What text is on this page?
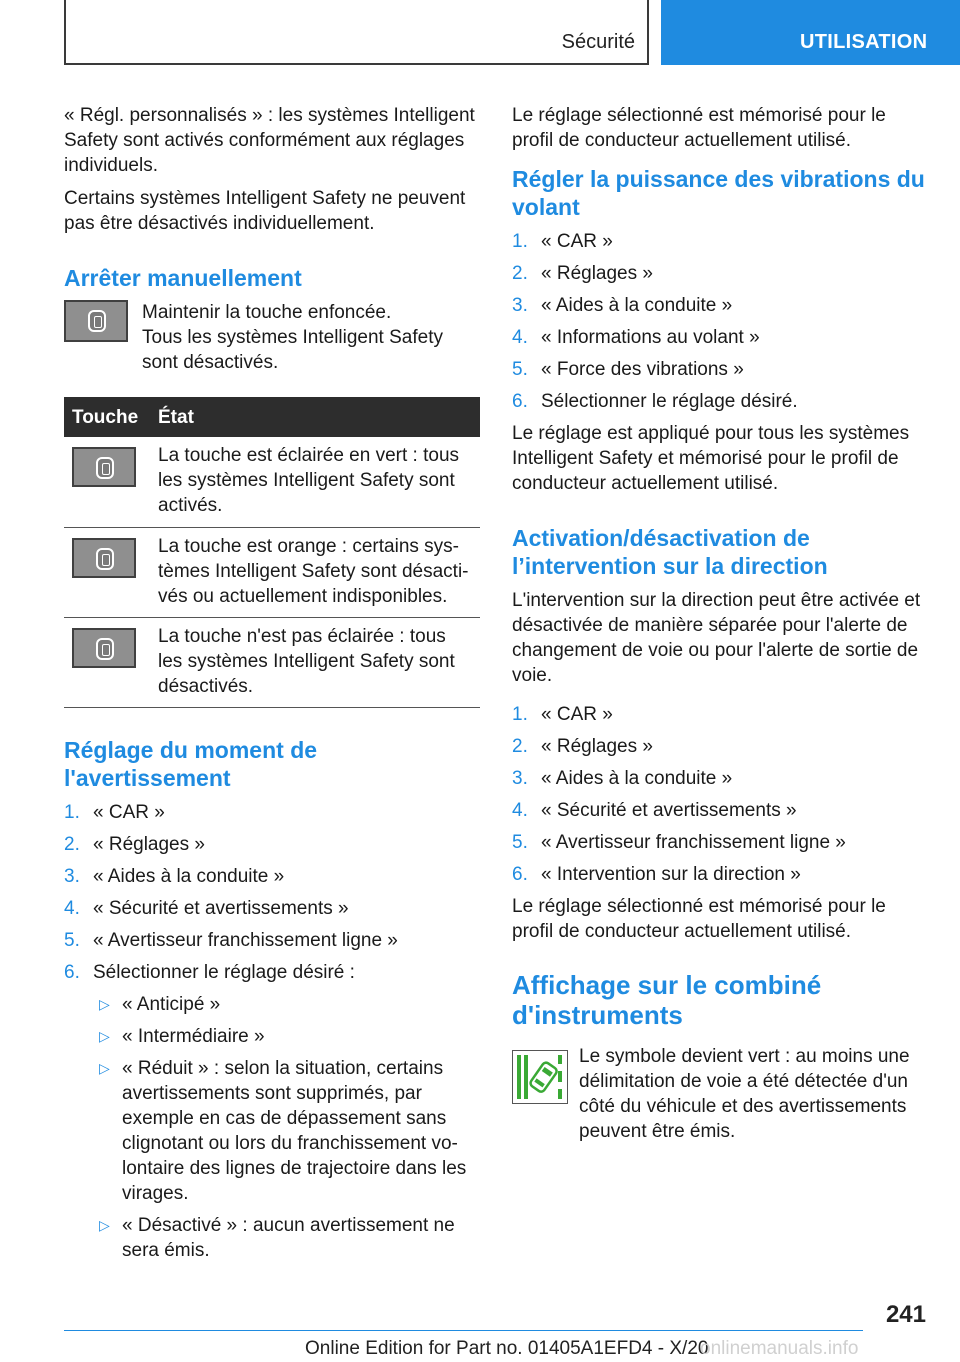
Sécurité	UTILISATION

« Régl. personnalisés » : les systèmes Intelligent Safety sont activés conformément aux réglages individuels.

Certains systèmes Intelligent Safety ne peuvent pas être désactivés individuellement.

Arrêter manuellement

Maintenir la touche enfoncée.

Tous les systèmes Intelligent Safety sont désactivés.

Touche	État

	La touche est éclairée en vert : tous les systèmes Intelligent Safety sont activés.

	La touche est orange : certains systèmes Intelligent Safety sont désactivés ou actuellement indisponibles.

	La touche n'est pas éclairée : tous les systèmes Intelligent Safety sont désactivés.
Réglage du moment de l'avertissement
1. « CAR »
2. « Réglages »
3. « Aides à la conduite »
4. « Sécurité et avertissements »
5. « Avertisseur franchissement ligne »
6. Sélectionner le réglage désiré :
▷ « Anticipé »
▷ « Intermédiaire »
▷ « Réduit » : selon la situation, certains avertissements sont supprimés, par exemple en cas de dépassement sans clignotant ou lors du franchissement volontaire des lignes de trajectoire dans les virages.
▷ « Désactivé » : aucun avertissement ne sera émis.

Le réglage sélectionné est mémorisé pour le profil de conducteur actuellement utilisé.

Régler la puissance des vibrations du volant
1. « CAR »
2. « Réglages »
3. « Aides à la conduite »
4. « Informations au volant »
5. « Force des vibrations »
6. Sélectionner le réglage désiré.

Le réglage est appliqué pour tous les systèmes Intelligent Safety et mémorisé pour le profil de conducteur actuellement utilisé.

Activation/désactivation de l’intervention sur la direction

L'intervention sur la direction peut être activée et désactivée de manière séparée pour l'alerte de changement de voie ou pour l'alerte de sortie de voie.

1. « CAR »
2. « Réglages »
3. « Aides à la conduite »
4. « Sécurité et avertissements »
5. « Avertisseur franchissement ligne »
6. « Intervention sur la direction »

Le réglage sélectionné est mémorisé pour le profil de conducteur actuellement utilisé.

Affichage sur le combiné d'instruments

Le symbole devient vert : au moins une délimitation de voie a été détectée d'un côté du véhicule et des avertissements peuvent être émis.

241
Online Edition for Part no. 01405A1EFD4 - X/20
onlinemanuals.info
